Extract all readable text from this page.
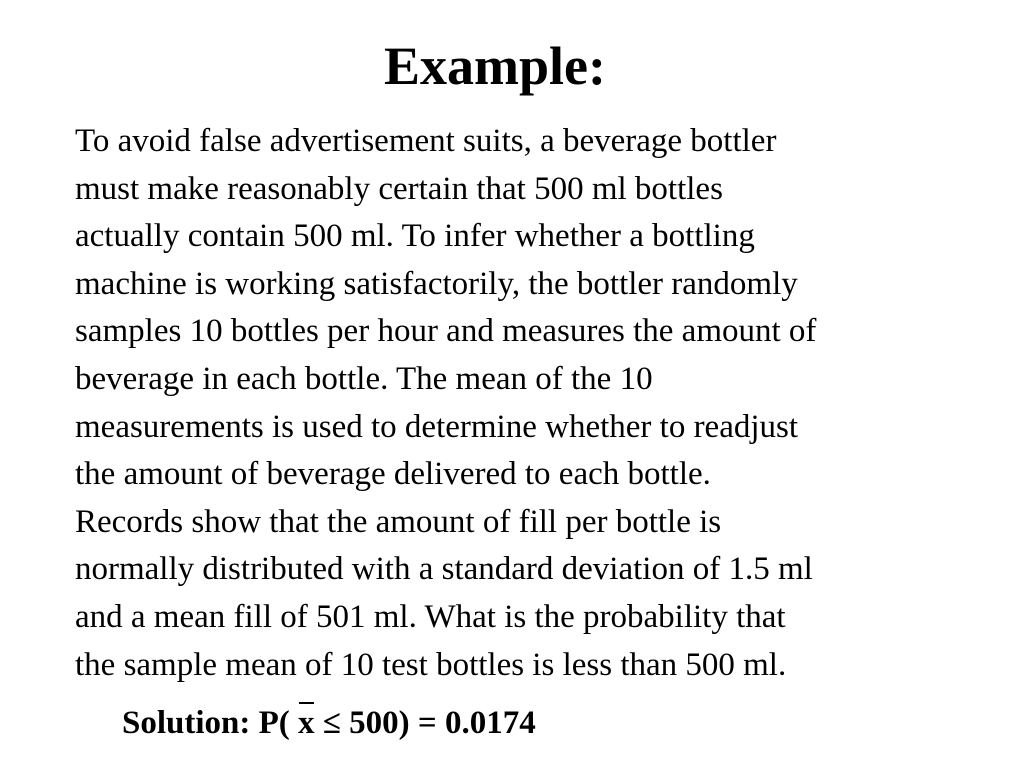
Example:
To avoid false advertisement suits, a beverage bottler
must make reasonably certain that 500 ml bottles
actually contain 500 ml. To infer whether a bottling
machine is working satisfactorily, the bottler randomly
samples 10 bottles per hour and measures the amount of
beverage in each bottle. The mean of the 10
measurements is used to determine whether to readjust
the amount of beverage delivered to each bottle.
Records show that the amount of fill per bottle is
normally distributed with a standard deviation of 1.5 ml
and a mean fill of 501 ml. What is the probability that
the sample mean of 10 test bottles is less than 500 ml.
Solution: P( x ≤ 500) = 0.0174
